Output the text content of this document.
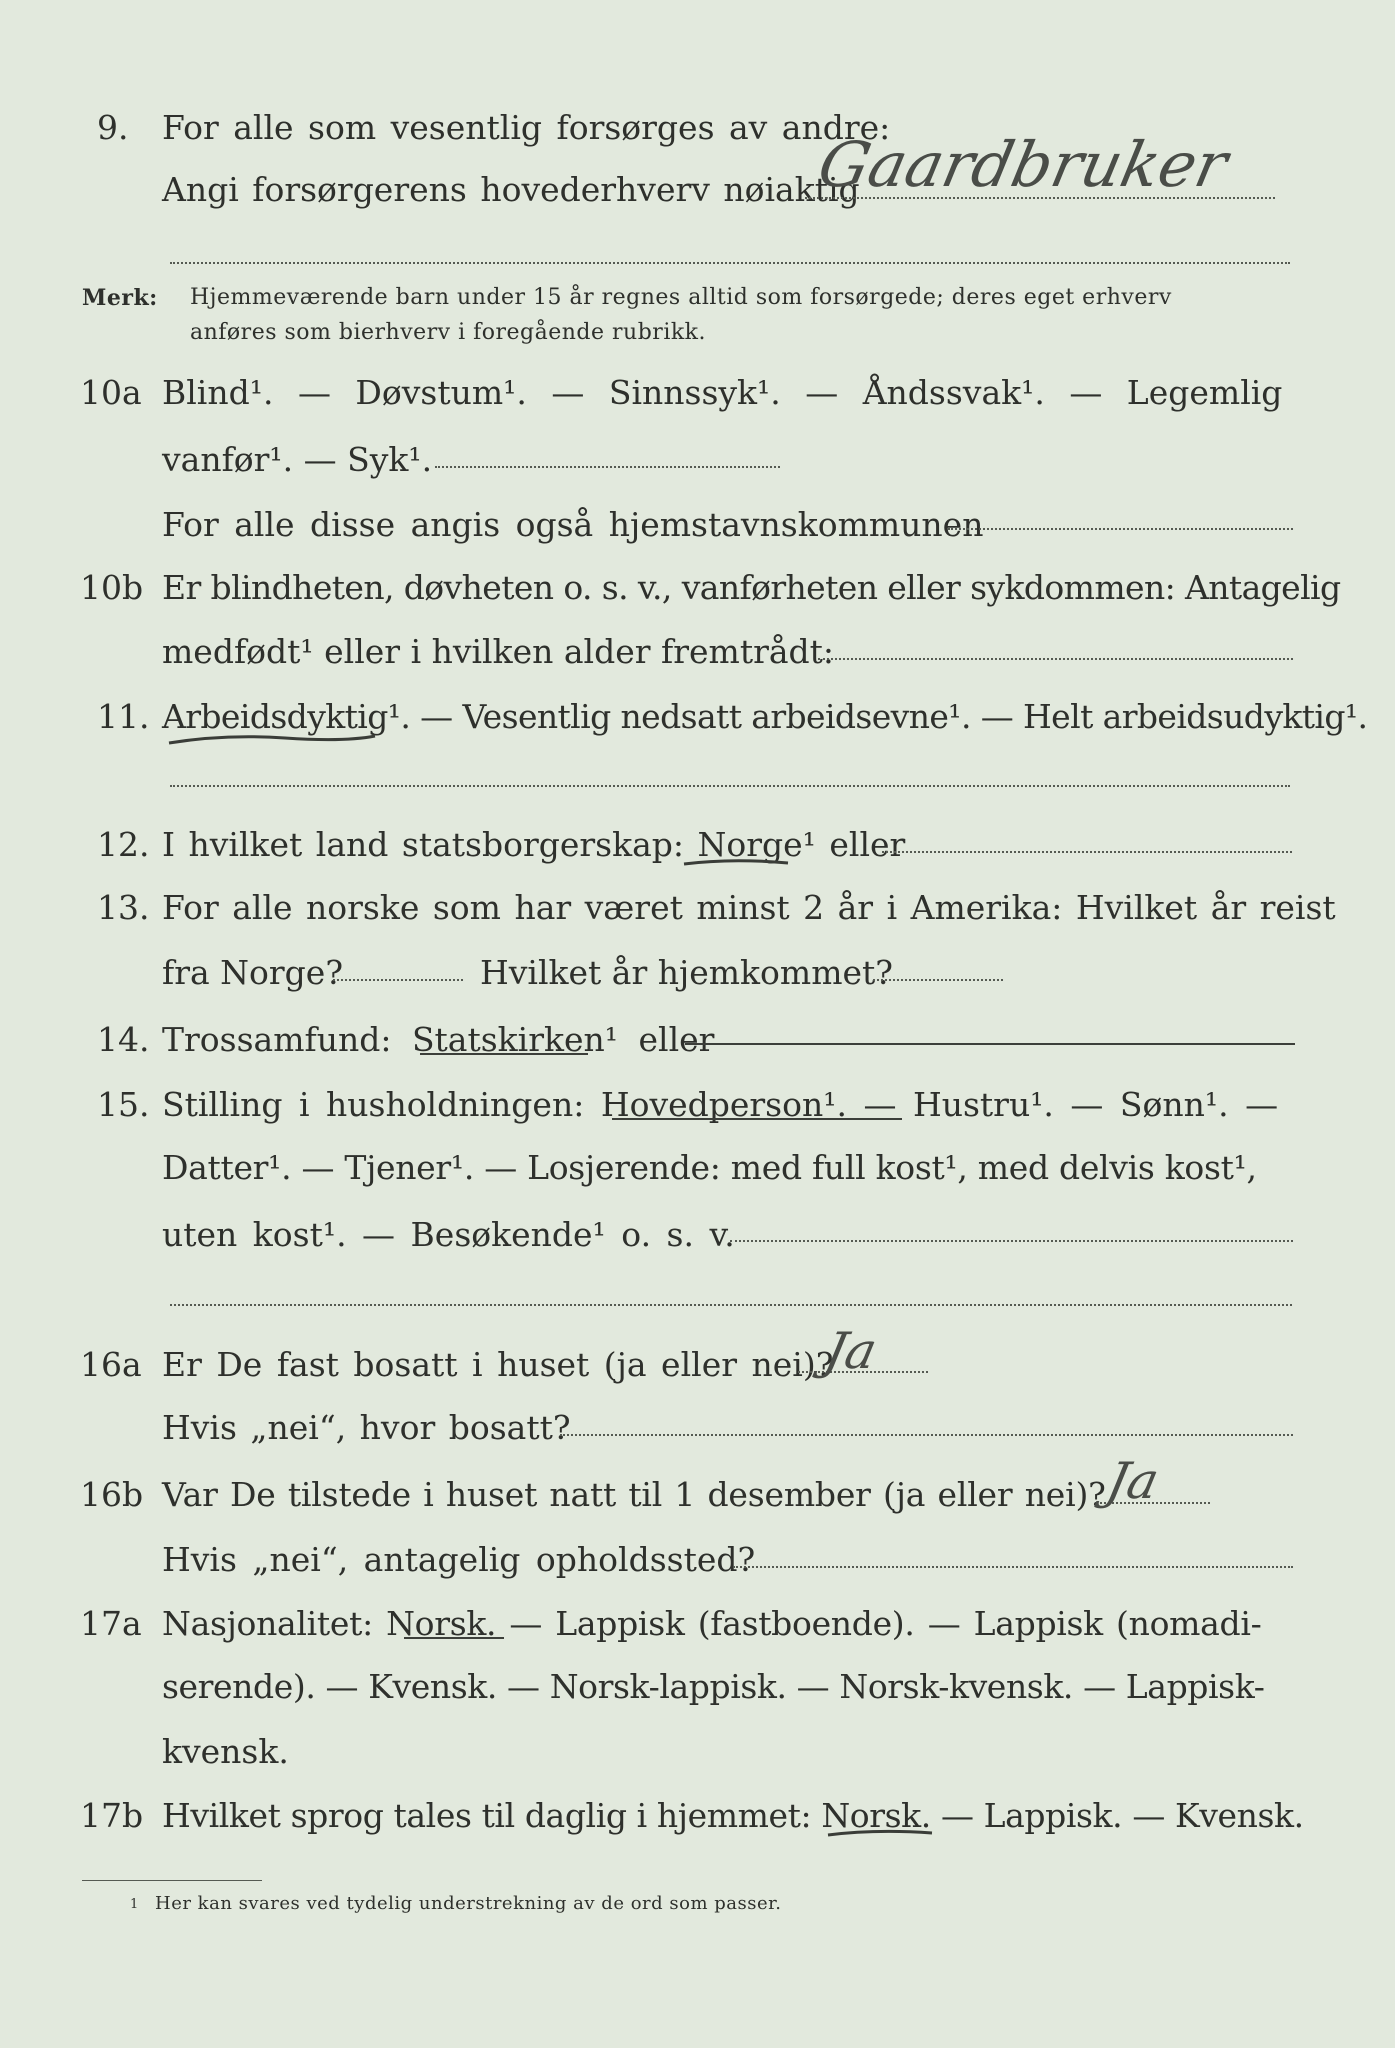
9. For alle som vesentlig forsørges av andre:
Angi forsørgerens hovederhverv nøiaktig
Gaardbruker
Merk: Hjemmeværende barn under 15 år regnes alltid som forsørgede; deres eget erhverv
anføres som bierhverv i foregående rubrikk.
10a Blind¹. — Døvstum¹. — Sinnssyk¹. — Åndssvak¹. — Legemlig
vanfør¹. — Syk¹.
For alle disse angis også hjemstavnskommunen
10b Er blindheten, døvheten o. s. v., vanførheten eller sykdommen: Antagelig
medfødt¹ eller i hvilken alder fremtrådt:
11. Arbeidsdyktig¹. — Vesentlig nedsatt arbeidsevne¹. — Helt arbeidsudyktig¹.
12. I hvilket land statsborgerskap: Norge¹ eller
13. For alle norske som har været minst 2 år i Amerika: Hvilket år reist
fra Norge?	Hvilket år hjemkommet?
14. Trossamfund: Statskirken¹ eller
15. Stilling i husholdningen: Hovedperson¹. — Hustru¹. — Sønn¹. —
Datter¹. — Tjener¹. — Losjerende: med full kost¹, med delvis kost¹,
uten kost¹. — Besøkende¹ o. s. v.
16a Er De fast bosatt i huset (ja eller nei)?
Ja
Hvis „nei“, hvor bosatt?
16b Var De tilstede i huset natt til 1 desember (ja eller nei)?
Ja
Hvis „nei“, antagelig opholdssted?
17a Nasjonalitet: Norsk. — Lappisk (fastboende). — Lappisk (nomadi-
serende). — Kvensk. — Norsk-lappisk. — Norsk-kvensk. — Lappisk-
kvensk.
17b Hvilket sprog tales til daglig i hjemmet: Norsk. — Lappisk. — Kvensk.
1 Her kan svares ved tydelig understrekning av de ord som passer.
